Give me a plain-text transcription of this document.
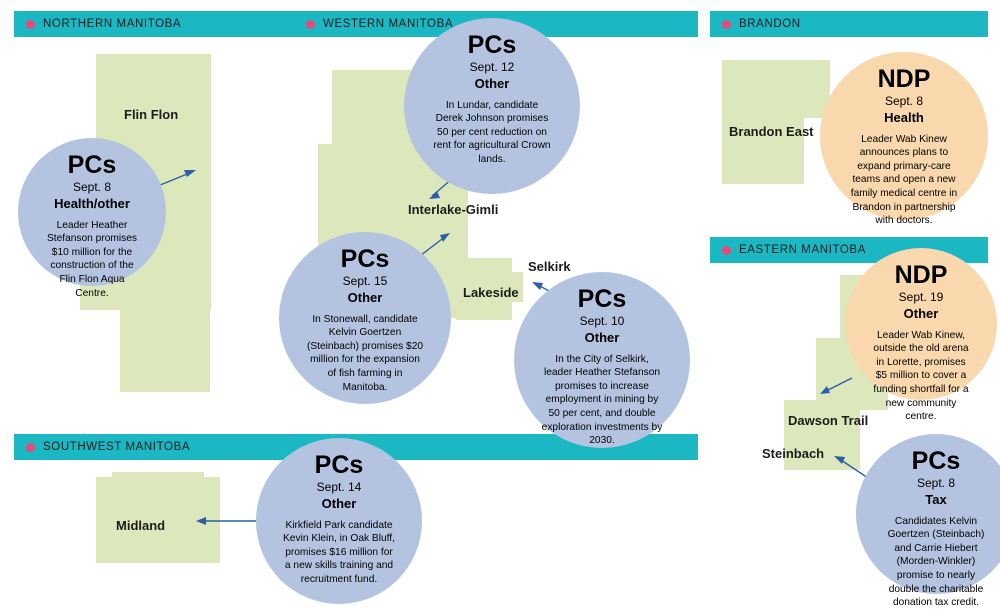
NORTHERN MANITOBA	WESTERN MANITOBA	BRANDON
EASTERN MANITOBA
SOUTHWEST MANITOBA
Flin Flon
Interlake-Gimli
Lakeside
Selkirk
Brandon East
Dawson Trail
Steinbach
Midland
PCs
Sept. 8
Health/other
Leader Heather Stefanson promises $10 million for the construction of the Flin Flon Aqua Centre.
PCs
Sept. 12
Other
In Lundar, candidate Derek Johnson promises 50 per cent reduction on rent for agricultural Crown lands.
PCs
Sept. 15
Other
In Stonewall, candidate Kelvin Goertzen (Steinbach) promises $20 million for the expansion of fish farming in Manitoba.
PCs
Sept. 10
Other
In the City of Selkirk, leader Heather Stefanson promises to increase employment in mining by 50 per cent, and double exploration investments by 2030.
NDP
Sept. 8
Health
Leader Wab Kinew announces plans to expand primary-care teams and open a new family medical centre in Brandon in partnership with doctors.
NDP
Sept. 19
Other
Leader Wab Kinew, outside the old arena in Lorette, promises $5 million to cover a funding shortfall for a new community centre.
PCs
Sept. 8
Tax
Candidates Kelvin Goertzen (Steinbach) and Carrie Hiebert (Morden-Winkler) promise to nearly double the charitable donation tax credit.
PCs
Sept. 14
Other
Kirkfield Park candidate Kevin Klein, in Oak Bluff, promises $16 million for a new skills training and recruitment fund.
